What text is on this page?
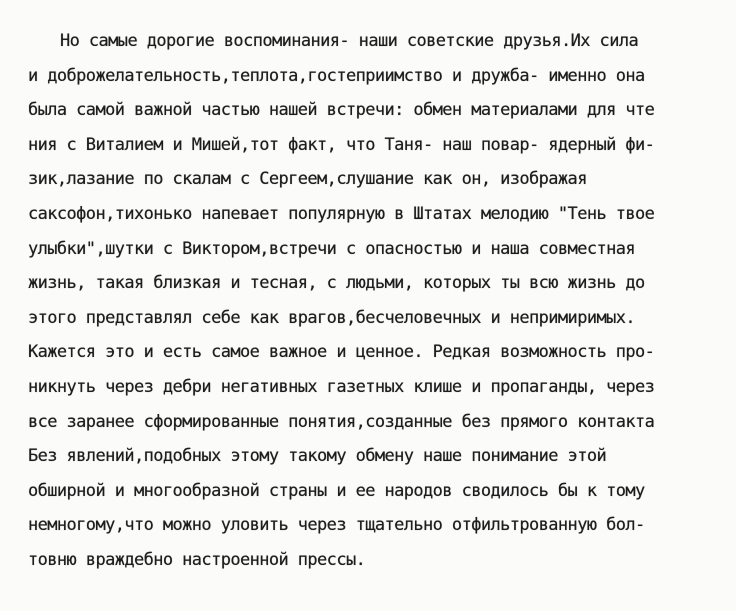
Но самые дорогие воспоминания- наши советские друзья.Их сила
и доброжелательность,теплота,гостеприимство и дружба- именно она
была самой важной частью нашей встречи: обмен материалами для чте
ния с Виталием и Мишей,тот факт, что Таня- наш повар- ядерный фи-
зик,лазание по скалам с Сергеем,слушание как он, изображая
саксофон,тихонько напевает популярную в Штатах мелодию "Тень твое
улыбки",шутки с Виктором,встречи с опасностью и наша совместная
жизнь, такая близкая и тесная, с людьми, которых ты всю жизнь до
этого представлял себе как врагов,бесчеловечных и непримиримых.
Кажется это и есть самое важное и ценное. Редкая возможность про-
никнуть через дебри негативных газетных клише и пропаганды, через
все заранее сформированные понятия,созданные без прямого контакта
Без явлений,подобных этому такому обмену наше понимание этой
обширной и многообразной страны и ее народов сводилось бы к тому
немногому,что можно уловить через тщательно отфильтрованную бол-
товню враждебно настроенной прессы.
